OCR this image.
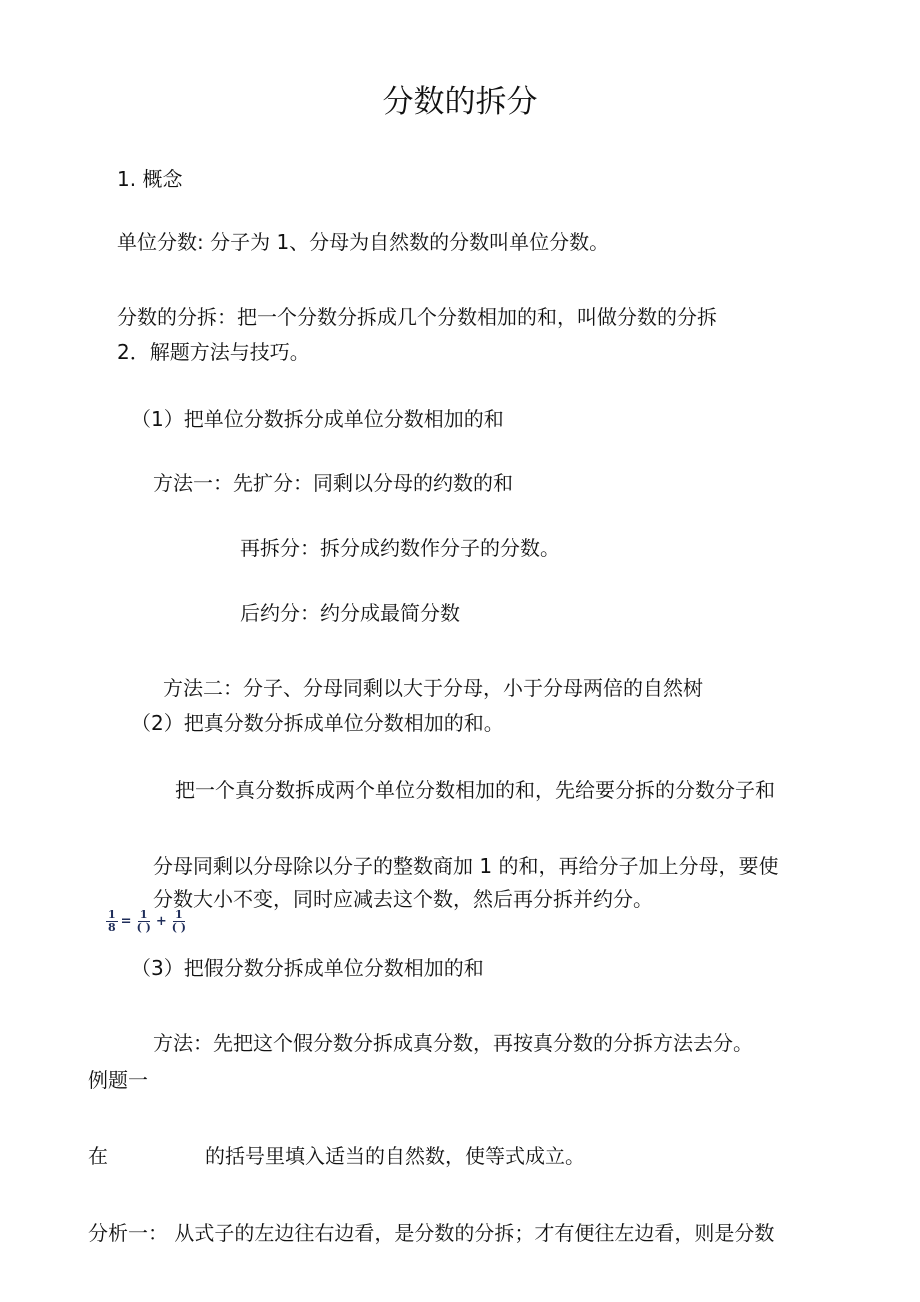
分数的拆分
1. 概念
单位分数: 分子为 1、分母为自然数的分数叫单位分数。
分数的分拆：把一个分数分拆成几个分数相加的和，叫做分数的分拆
2．解题方法与技巧。
（1）把单位分数拆分成单位分数相加的和
方法一：先扩分：同剩以分母的约数的和
再拆分：拆分成约数作分子的分数。
后约分：约分成最简分数
方法二：分子、分母同剩以大于分母，小于分母两倍的自然树
（2）把真分数分拆成单位分数相加的和。
把一个真分数拆成两个单位分数相加的和，先给要分拆的分数分子和
分母同剩以分母除以分子的整数商加 1 的和，再给分子加上分母，要使
分数大小不变，同时应减去这个数，然后再分拆并约分。
$\frac{1}{8} = \frac{1}{( )} + \frac{1}{( )}$
（3）把假分数分拆成单位分数相加的和
方法：先把这个假分数分拆成真分数，再按真分数的分拆方法去分。
例题一
在	的括号里填入适当的自然数，使等式成立。
分析一： 从式子的左边往右边看，是分数的分拆；才有便往左边看，则是分数
